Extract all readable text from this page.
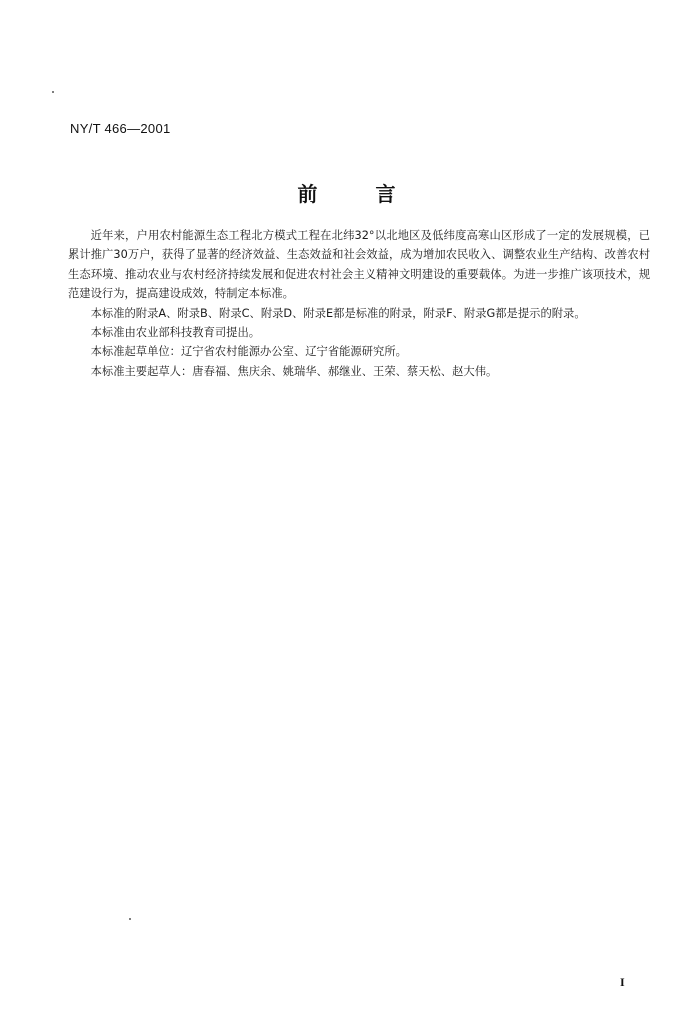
NY/T 466—2001
前言

近年来，户用农村能源生态工程北方模式工程在北纬32°以北地区及低纬度高寒山区形成了一定的发展规模，已累计推广30万户，获得了显著的经济效益、生态效益和社会效益，成为增加农民收入、调整农业生产结构、改善农村生态环境、推动农业与农村经济持续发展和促进农村社会主义精神文明建设的重要载体。为进一步推广该项技术，规范建设行为，提高建设成效，特制定本标准。

本标准的附录A、附录B、附录C、附录D、附录E都是标准的附录，附录F、附录G都是提示的附录。

本标准由农业部科技教育司提出。

本标准起草单位：辽宁省农村能源办公室、辽宁省能源研究所。

本标准主要起草人：唐春福、焦庆余、姚瑞华、郝继业、王荣、蔡天松、赵大伟。

I
